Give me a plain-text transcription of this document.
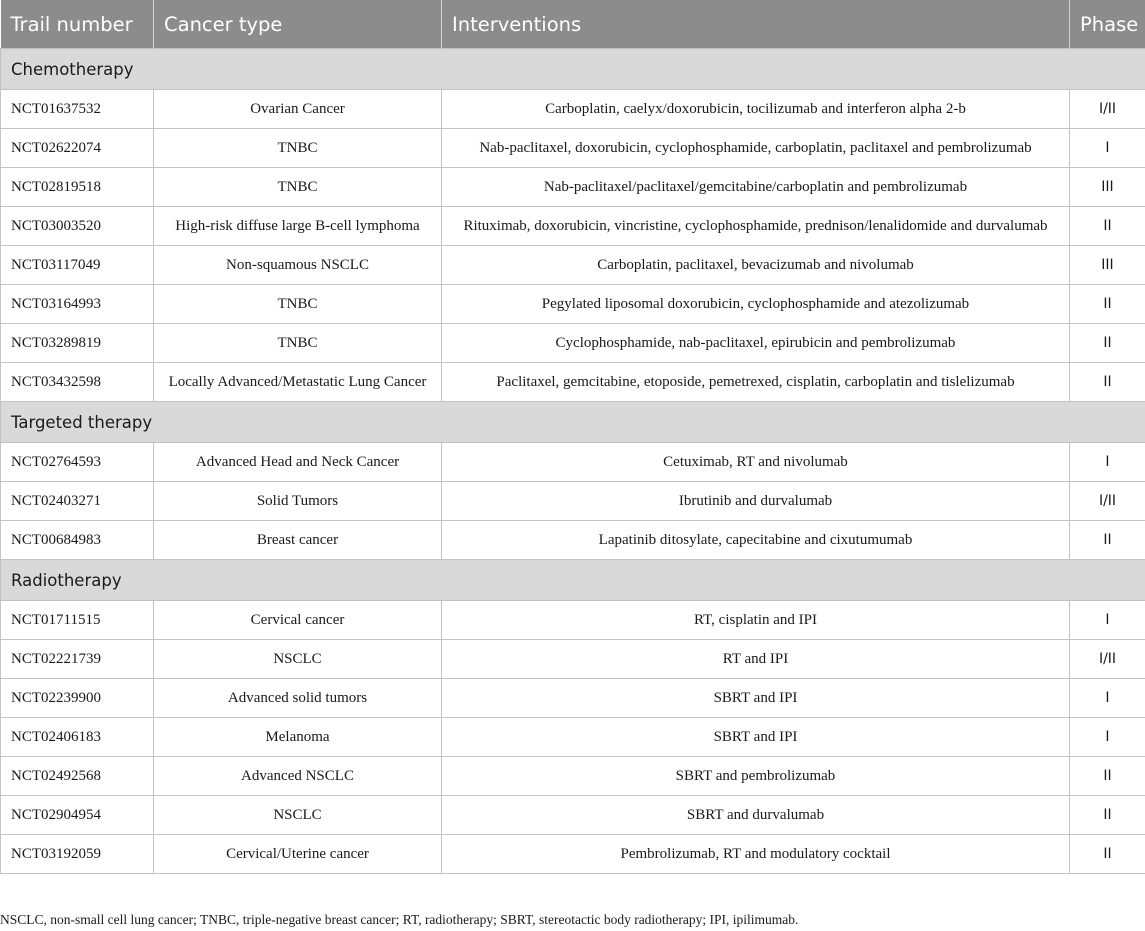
Trail number	Cancer type	Interventions	Phase
Chemotherapy			
NCT01637532	Ovarian Cancer	Carboplatin, caelyx/doxorubicin, tocilizumab and interferon alpha 2-b	I/II
NCT02622074	TNBC	Nab-paclitaxel, doxorubicin, cyclophosphamide, carboplatin, paclitaxel and pembrolizumab	I
NCT02819518	TNBC	Nab-paclitaxel/paclitaxel/gemcitabine/carboplatin and pembrolizumab	III
NCT03003520	High-risk diffuse large B-cell lymphoma	Rituximab, doxorubicin, vincristine, cyclophosphamide, prednison/lenalidomide and durvalumab	II
NCT03117049	Non-squamous NSCLC	Carboplatin, paclitaxel, bevacizumab and nivolumab	III
NCT03164993	TNBC	Pegylated liposomal doxorubicin, cyclophosphamide and atezolizumab	II
NCT03289819	TNBC	Cyclophosphamide, nab-paclitaxel, epirubicin and pembrolizumab	II
NCT03432598	Locally Advanced/Metastatic Lung Cancer	Paclitaxel, gemcitabine, etoposide, pemetrexed, cisplatin, carboplatin and tislelizumab	II
Targeted therapy			
NCT02764593	Advanced Head and Neck Cancer	Cetuximab, RT and nivolumab	I
NCT02403271	Solid Tumors	Ibrutinib and durvalumab	I/II
NCT00684983	Breast cancer	Lapatinib ditosylate, capecitabine and cixutumumab	II
Radiotherapy			
NCT01711515	Cervical cancer	RT, cisplatin and IPI	I
NCT02221739	NSCLC	RT and IPI	I/II
NCT02239900	Advanced solid tumors	SBRT and IPI	I
NCT02406183	Melanoma	SBRT and IPI	I
NCT02492568	Advanced NSCLC	SBRT and pembrolizumab	II
NCT02904954	NSCLC	SBRT and durvalumab	II
NCT03192059	Cervical/Uterine cancer	Pembrolizumab, RT and modulatory cocktail	II
NSCLC, non-small cell lung cancer; TNBC, triple-negative breast cancer; RT, radiotherapy; SBRT, stereotactic body radiotherapy; IPI, ipilimumab.
